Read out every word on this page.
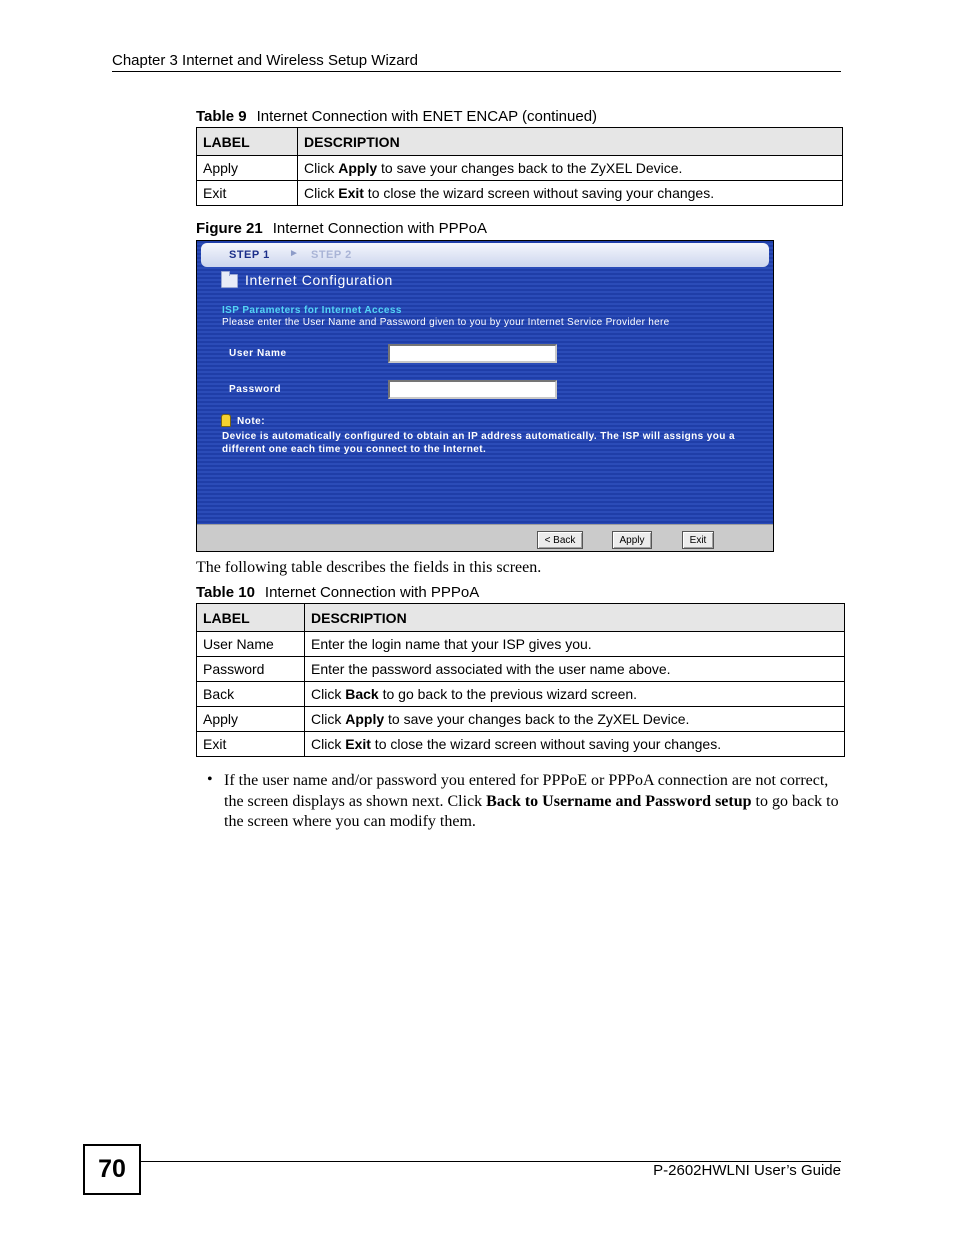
Chapter 3 Internet and Wireless Setup Wizard
Table 9 Internet Connection with ENET ENCAP (continued)
LABEL	DESCRIPTION
Apply	Click Apply to save your changes back to the ZyXEL Device.
Exit	Click Exit to close the wizard screen without saving your changes.
Figure 21 Internet Connection with PPPoA
STEP 1 ► STEP 2
Internet Configuration
ISP Parameters for Internet Access
Please enter the User Name and Password given to you by your Internet Service Provider here
User Name
Password
Note:
Device is automatically configured to obtain an IP address automatically. The ISP will assigns you a different one each time you connect to the Internet.
< Back	Apply	Exit
The following table describes the fields in this screen.
Table 10 Internet Connection with PPPoA
LABEL	DESCRIPTION
User Name	Enter the login name that your ISP gives you.
Password	Enter the password associated with the user name above.
Back	Click Back to go back to the previous wizard screen.
Apply	Click Apply to save your changes back to the ZyXEL Device.
Exit	Click Exit to close the wizard screen without saving your changes.
• If the user name and/or password you entered for PPPoE or PPPoA connection are not correct, the screen displays as shown next. Click Back to Username and Password setup to go back to the screen where you can modify them.
70	P-2602HWLNI User’s Guide
